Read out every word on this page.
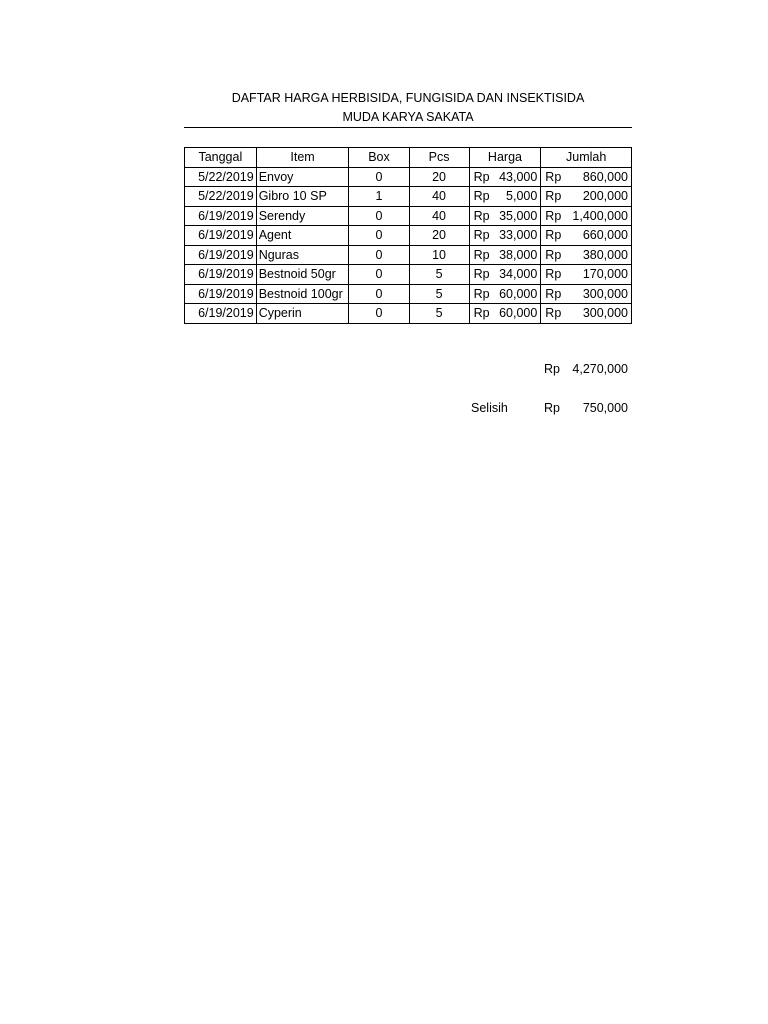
DAFTAR HARGA HERBISIDA, FUNGISIDA DAN INSEKTISIDA
MUDA KARYA SAKATA
Tanggal	Item	Box	Pcs	Harga	Jumlah
5/22/2019	Envoy	0	20	Rp 43,000	Rp 860,000

5/22/2019	Gibro 10 SP	1	40	Rp 5,000	Rp 200,000

6/19/2019	Serendy	0	40	Rp 35,000	Rp 1,400,000

6/19/2019	Agent	0	20	Rp 33,000	Rp 660,000

6/19/2019	Nguras	0	10	Rp 38,000	Rp 380,000

6/19/2019	Bestnoid 50gr	0	5	Rp 34,000	Rp 170,000

6/19/2019	Bestnoid 100gr	0	5	Rp 60,000	Rp 300,000

6/19/2019	Cyperin	0	5	Rp 60,000	Rp 300,000
Rp 4,270,000
Selisih	Rp 750,000
